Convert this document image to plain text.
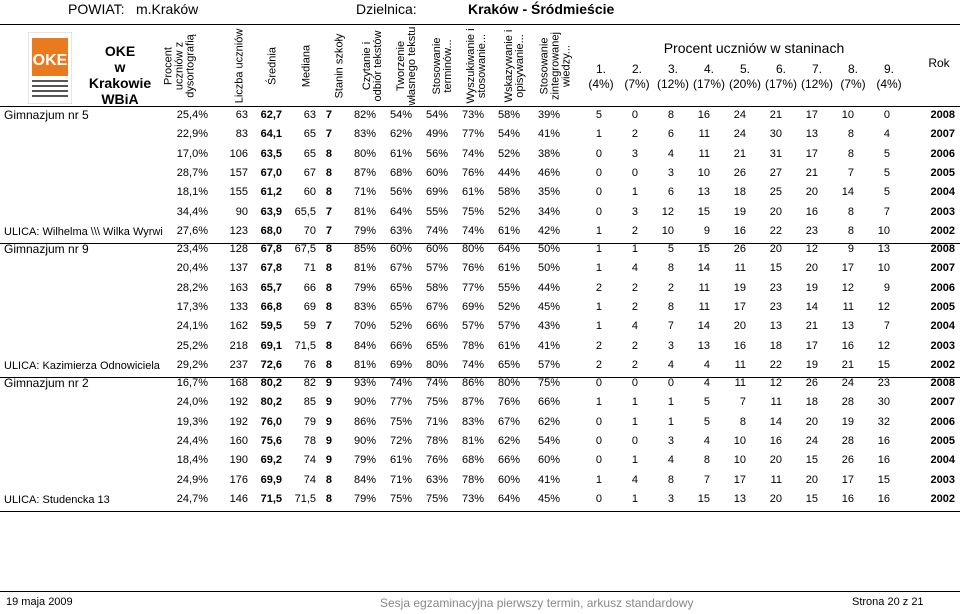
POWIAT: m.Kraków	Dzielnica:	Kraków - Śródmieście
OKE
OKE
w Krakowie
WBiA
Procent uczniów z dysortografią	Liczba uczniów Średnia Mediana Stanin szkoły Czytanie i odbiór tekstów Tworzenie własnego tekstu Stosowanie terminów... Wyszukiwanie i stosowanie... Wskazywanie i opisywanie... Stosowanie zintegrowanej wiedzy...	Procent uczniów w staninach
1.
(4%)
2.
(7%)
3.
(12%)
4.
(17%)
5.
(20%)
6.
(17%)
7.
(12%)
8.
(7%)
9.
(4%)
Rok
Gimnazjum nr 5
ULICA: Wilhelma \\\ Wilka Wyrwi
25,4%	63	62,7	63 7	82%	54%	54%	73%	58%	39%	5	0	8	16	24	21	17	10	0	2008
22,9%	83	64,1	65 7	83%	62%	49%	77%	54%	41%	1	2	6	11	24	30	13	8	4	2007
17,0%	106	63,5	65 8	80%	61%	56%	74%	52%	38%	0	3	4	11	21	31	17	8	5	2006
28,7%	157	67,0	67 8	87%	68%	60%	76%	44%	46%	0	0	3	10	26	27	21	7	5	2005
18,1%	155	61,2	60 8	71%	56%	69%	61%	58%	35%	0	1	6	13	18	25	20	14	5	2004
34,4%	90	63,9	65,5 7	81%	64%	55%	75%	52%	34%	0	3	12	15	19	20	16	8	7	2003
27,6%	123	68,0	70 7	79%	63%	74%	74%	61%	42%	1	2	10	9	16	22	23	8	10	2002
Gimnazjum nr 9
ULICA: Kazimierza Odnowiciela
23,4%	128	67,8	67,5 8	85%	60%	60%	80%	64%	50%	1	1	5	15	26	20	12	9	13	2008
20,4%	137	67,8	71 8	81%	67%	57%	76%	61%	50%	1	4	8	14	11	15	20	17	10	2007
28,2%	163	65,7	66 8	79%	65%	58%	77%	55%	44%	2	2	2	11	19	23	19	12	9	2006
17,3%	133	66,8	69 8	83%	65%	67%	69%	52%	45%	1	2	8	11	17	23	14	11	12	2005
24,1%	162	59,5	59 7	70%	52%	66%	57%	57%	43%	1	4	7	14	20	13	21	13	7	2004
25,2%	218	69,1	71,5 8	84%	66%	65%	78%	61%	41%	2	2	3	13	16	18	17	16	12	2003
29,2%	237	72,6	76 8	81%	69%	80%	74%	65%	57%	2	2	4	4	11	22	19	21	15	2002
Gimnazjum nr 2
ULICA: Studencka 13
16,7%	168	80,2	82 9	93%	74%	74%	86%	80%	75%	0	0	0	4	11	12	26	24	23	2008
24,0%	192	80,2	85 9	90%	77%	75%	87%	76%	66%	1	1	1	5	7	11	18	28	30	2007
19,3%	192	76,0	79 9	86%	75%	71%	83%	67%	62%	0	1	1	5	8	14	20	19	32	2006
24,4%	160	75,6	78 9	90%	72%	78%	81%	62%	54%	0	0	3	4	10	16	24	28	16	2005
18,4%	190	69,2	74 9	79%	61%	76%	68%	66%	60%	0	1	4	8	10	20	15	26	16	2004
24,9%	176	69,9	74 8	84%	71%	63%	78%	60%	41%	1	4	8	7	17	11	20	17	15	2003
24,7%	146	71,5	71,5 8	79%	75%	75%	73%	64%	45%	0	1	3	15	13	20	15	16	16	2002
19 maja 2009	Sesja egzaminacyjna pierwszy termin, arkusz standardowy	Strona 20 z 21
